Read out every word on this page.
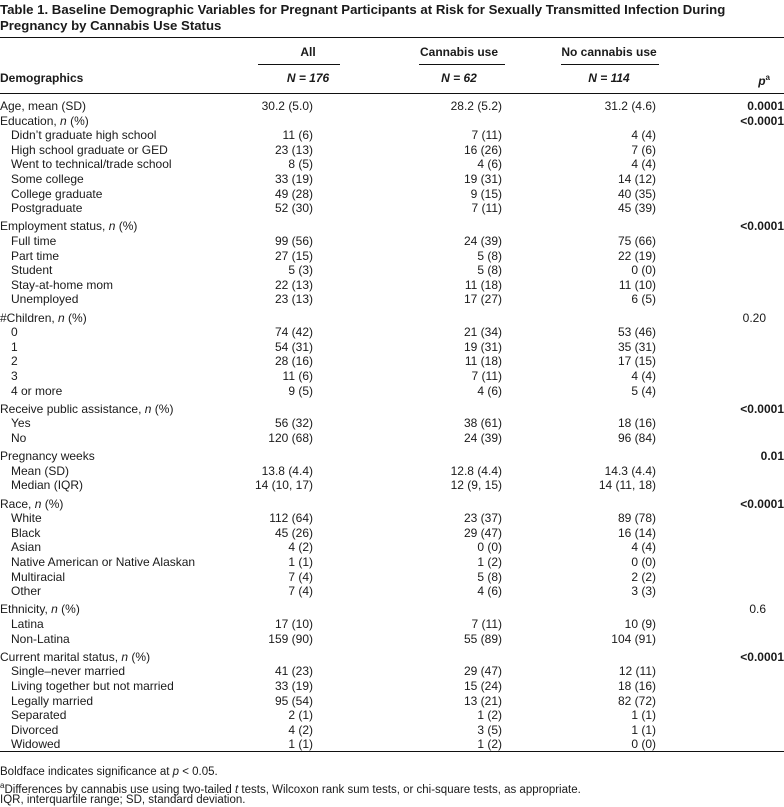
Table 1. Baseline Demographic Variables for Pregnant Participants at Risk for Sexually Transmitted Infection During Pregnancy by Cannabis Use Status

All	Cannabis use	No cannabis use
Demographics	N = 176	N = 62	N = 114	$p^a$
Age, mean (SD)	30.2 (5.0)	28.2 (5.2)	31.2 (4.6)	0.0001
Education, n (%)	<0.0001
Didn’t graduate high school	11 (6)	7 (11)	4 (4)
High school graduate or GED	23 (13)	16 (26)	7 (6)
Went to technical/trade school	8 (5)	4 (6)	4 (4)
Some college	33 (19)	19 (31)	14 (12)
College graduate	49 (28)	9 (15)	40 (35)
Postgraduate	52 (30)	7 (11)	45 (39)
Employment status, n (%)	<0.0001
Full time	99 (56)	24 (39)	75 (66)
Part time	27 (15)	5 (8)	22 (19)
Student	5 (3)	5 (8)	0 (0)
Stay-at-home mom	22 (13)	11 (18)	11 (10)
Unemployed	23 (13)	17 (27)	6 (5)
#Children, n (%)	0.20
0	74 (42)	21 (34)	53 (46)
1	54 (31)	19 (31)	35 (31)
2	28 (16)	11 (18)	17 (15)
3	11 (6)	7 (11)	4 (4)
4 or more	9 (5)	4 (6)	5 (4)
Receive public assistance, n (%)	<0.0001
Yes	56 (32)	38 (61)	18 (16)
No	120 (68)	24 (39)	96 (84)
Pregnancy weeks	0.01
Mean (SD)	13.8 (4.4)	12.8 (4.4)	14.3 (4.4)
Median (IQR)	14 (10, 17)	12 (9, 15)	14 (11, 18)
Race, n (%)	<0.0001
White	112 (64)	23 (37)	89 (78)
Black	45 (26)	29 (47)	16 (14)
Asian	4 (2)	0 (0)	4 (4)
Native American or Native Alaskan	1 (1)	1 (2)	0 (0)
Multiracial	7 (4)	5 (8)	2 (2)
Other	7 (4)	4 (6)	3 (3)
Ethnicity, n (%)	0.6
Latina	17 (10)	7 (11)	10 (9)
Non-Latina	159 (90)	55 (89)	104 (91)
Current marital status, n (%)	<0.0001
Single–never married	41 (23)	29 (47)	12 (11)
Living together but not married	33 (19)	15 (24)	18 (16)
Legally married	95 (54)	13 (21)	82 (72)
Separated	2 (1)	1 (2)	1 (1)
Divorced	4 (2)	3 (5)	1 (1)
Widowed	1 (1)	1 (2)	0 (0)
Boldface indicates significance at p < 0.05.
$^a$Differences by cannabis use using two-tailed t tests, Wilcoxon rank sum tests, or chi-square tests, as appropriate.
IQR, interquartile range; SD, standard deviation.
